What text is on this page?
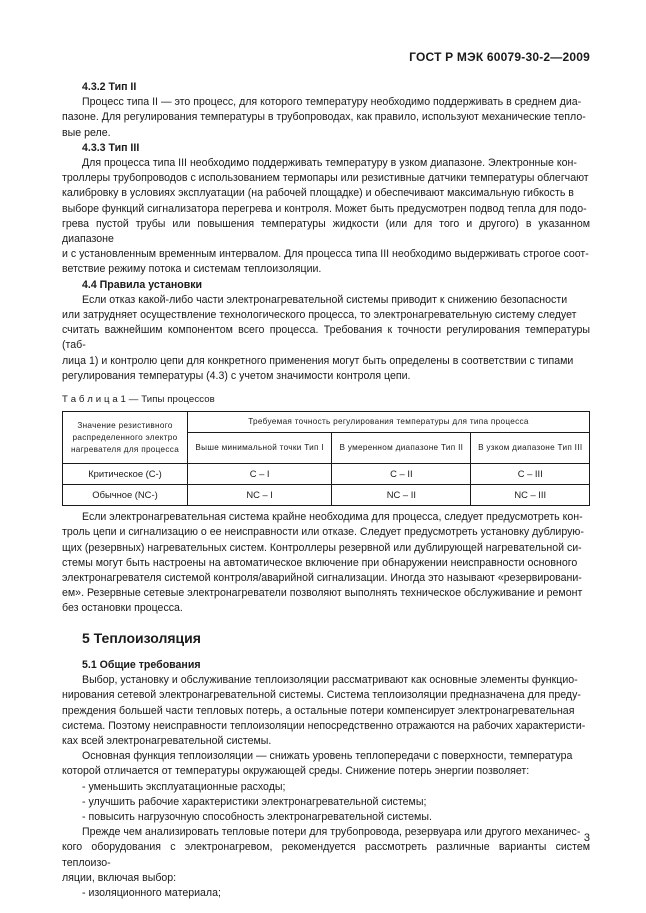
ГОСТ Р МЭК 60079-30-2—2009

4.3.2 Тип II

Процесс типа II — это процесс, для которого температуру необходимо поддерживать в среднем диа-

пазоне. Для регулирования температуры в трубопроводах, как правило, используют механические тепло-

вые реле.

4.3.3 Тип III

Для процесса типа III необходимо поддерживать температуру в узком диапазоне. Электронные кон-

троллеры трубопроводов с использованием термопары или резистивные датчики температуры облегчают

калибровку в условиях эксплуатации (на рабочей площадке) и обеспечивают максимальную гибкость в

выборе функций сигнализатора перегрева и контроля. Может быть предусмотрен подвод тепла для подо-

грева пустой трубы или повышения температуры жидкости (или для того и другого) в указанном диапазоне

и с установленным временным интервалом. Для процесса типа III необходимо выдерживать строгое соот-

ветствие режиму потока и системам теплоизоляции.

4.4 Правила установки

Если отказ какой-либо части электронагревательной системы приводит к снижению безопасности

или затрудняет осуществление технологического процесса, то электронагревательную систему следует

считать важнейшим компонентом всего процесса. Требования к точности регулирования температуры (таб-

лица 1) и контролю цепи для конкретного применения могут быть определены в соответствии с типами

регулирования температуры (4.3) с учетом значимости контроля цепи.

Т а б л и ц а 1 — Типы процессов

Значение резистивного распределенного электро нагревателя для процесса	Требуемая точность регулирования температуры для типа процесса		
	Выше минимальной точки Тип I	В умеренном диапазоне Тип II	В узком диапазоне Тип III
Критическое (С-)	С – I	С – II	С – III
Обычное (NC-)	NC – I	NC – II	NC – III

Если электронагревательная система крайне необходима для процесса, следует предусмотреть кон-

троль цепи и сигнализацию о ее неисправности или отказе. Следует предусмотреть установку дублирую-

щих (резервных) нагревательных систем. Контроллеры резервной или дублирующей нагревательной си-

стемы могут быть настроены на автоматическое включение при обнаружении неисправности основного

электронагревателя системой контроля/аварийной сигнализации. Иногда это называют «резервировани-

ем». Резервные сетевые электронагреватели позволяют выполнять техническое обслуживание и ремонт

без остановки процесса.

5 Теплоизоляция

5.1 Общие требования

Выбор, установку и обслуживание теплоизоляции рассматривают как основные элементы функцио-

нирования сетевой электронагревательной системы. Система теплоизоляции предназначена для преду-

преждения большей части тепловых потерь, а остальные потери компенсирует электронагревательная

система. Поэтому неисправности теплоизоляции непосредственно отражаются на рабочих характеристи-

ках всей электронагревательной системы.

Основная функция теплоизоляции — снижать уровень теплопередачи с поверхности, температура

которой отличается от температуры окружающей среды. Снижение потерь энергии позволяет:

- уменьшить эксплуатационные расходы;

- улучшить рабочие характеристики электронагревательной системы;

- повысить нагрузочную способность электронагревательной системы.

Прежде чем анализировать тепловые потери для трубопровода, резервуара или другого механичес-

кого оборудования с электронагревом, рекомендуется рассмотреть различные варианты систем теплоизо-

ляции, включая выбор:

- изоляционного материала;

3
